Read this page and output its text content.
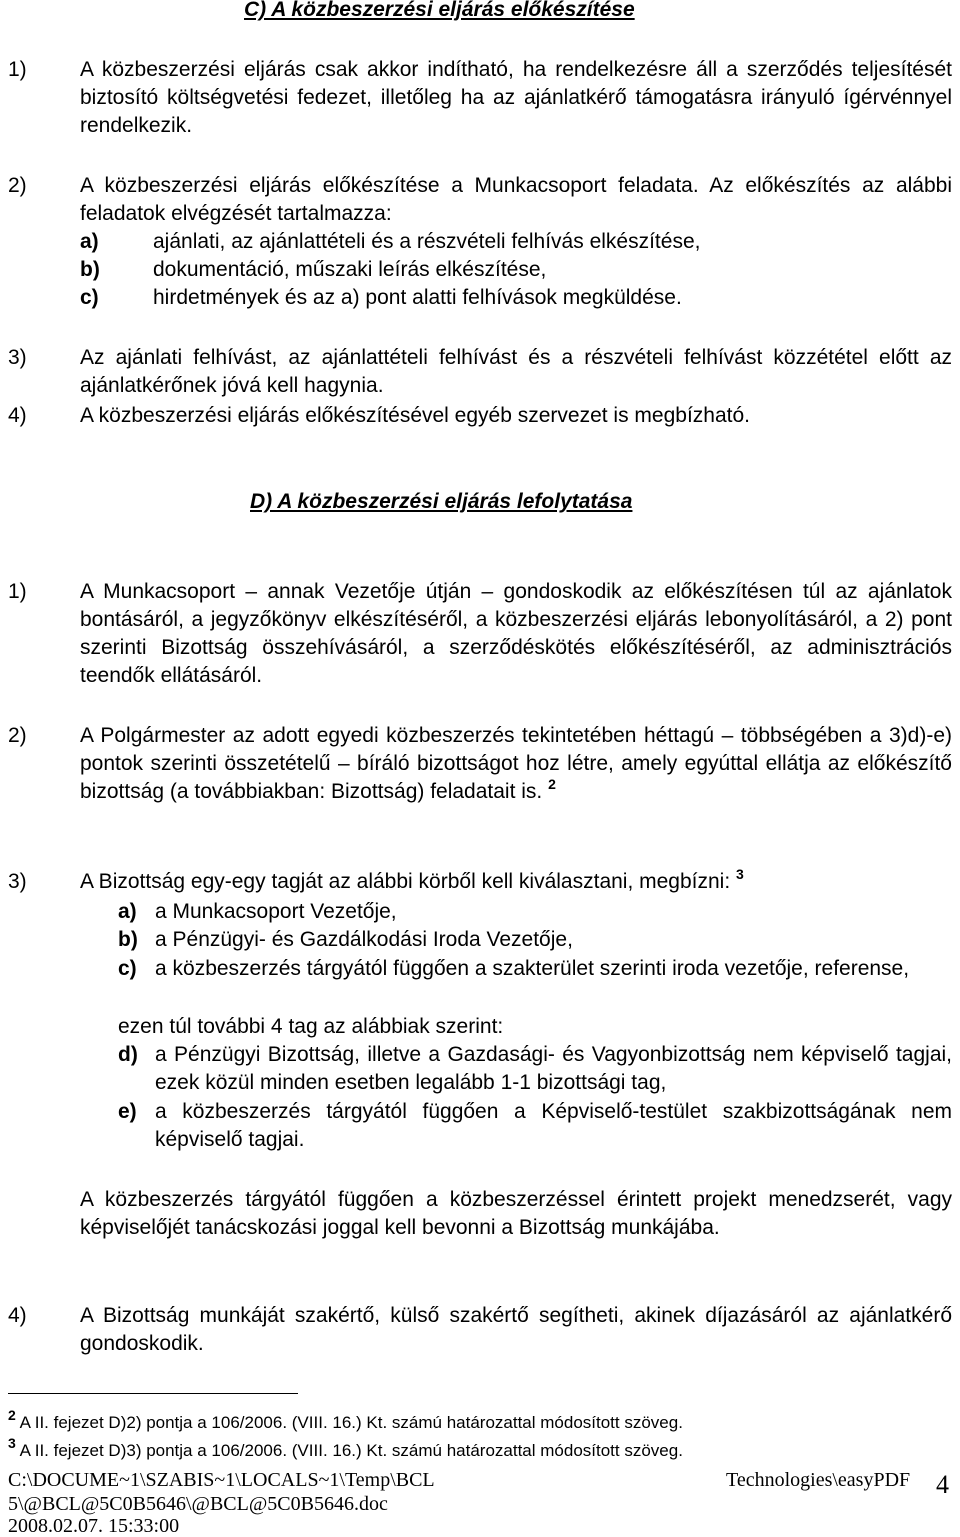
C) A közbeszerzési eljárás előkészítése
1)	A közbeszerzési eljárás csak akkor indítható, ha rendelkezésre áll a szerződés teljesítését biztosító költségvetési fedezet, illetőleg ha az ajánlatkérő támogatásra irányuló ígérvénnyel rendelkezik.
2)	A közbeszerzési eljárás előkészítése a Munkacsoport feladata. Az előkészítés az alábbi feladatok elvégzését tartalmazza:
a)	ajánlati, az ajánlattételi és a részvételi felhívás elkészítése,
b)	dokumentáció, műszaki leírás elkészítése,
c)	hirdetmények és az a) pont alatti felhívások megküldése.
3)	Az ajánlati felhívást, az ajánlattételi felhívást és a részvételi felhívást közzététel előtt az ajánlatkérőnek jóvá kell hagynia.
4)	A közbeszerzési eljárás előkészítésével egyéb szervezet is megbízható.
D) A közbeszerzési eljárás lefolytatása
1)	A Munkacsoport – annak Vezetője útján – gondoskodik az előkészítésen túl az ajánlatok bontásáról, a jegyzőkönyv elkészítéséről, a közbeszerzési eljárás lebonyolításáról, a 2) pont szerinti Bizottság összehívásáról, a szerződéskötés előkészítéséről, az adminisztrációs teendők ellátásáról.
2)	A Polgármester az adott egyedi közbeszerzés tekintetében héttagú – többségében a 3)d)-e) pontok szerinti összetételű – bíráló bizottságot hoz létre, amely egyúttal ellátja az előkészítő bizottság (a továbbiakban: Bizottság) feladatait is. $^2$
3)	A Bizottság egy-egy tagját az alábbi körből kell kiválasztani, megbízni: $^3$
a) a Munkacsoport Vezetője,
b) a Pénzügyi- és Gazdálkodási Iroda Vezetője,
c) a közbeszerzés tárgyától függően a szakterület szerinti iroda vezetője, referense,
ezen túl további 4 tag az alábbiak szerint:
d) a Pénzügyi Bizottság, illetve a Gazdasági- és Vagyonbizottság nem képviselő tagjai, ezek közül minden esetben legalább 1-1 bizottsági tag,
e) a közbeszerzés tárgyától függően a Képviselő-testület szakbizottságának nem képviselő tagjai.
A közbeszerzés tárgyától függően a közbeszerzéssel érintett projekt menedzserét, vagy képviselőjét tanácskozási joggal kell bevonni a Bizottság munkájába.
4)	A Bizottság munkáját szakértő, külső szakértő segítheti, akinek díjazásáról az ajánlatkérő gondoskodik.
$^2$ A II. fejezet D)2) pontja a 106/2006. (VIII. 16.) Kt. számú határozattal módosított szöveg.
$^3$ A II. fejezet D)3) pontja a 106/2006. (VIII. 16.) Kt. számú határozattal módosított szöveg.
C:\DOCUME~1\SZABIS~1\LOCALS~1\Temp\BCL
5\@BCL@5C0B5646\@BCL@5C0B5646.doc
2008.02.07. 15:33:00
Technologies\easyPDF 4
